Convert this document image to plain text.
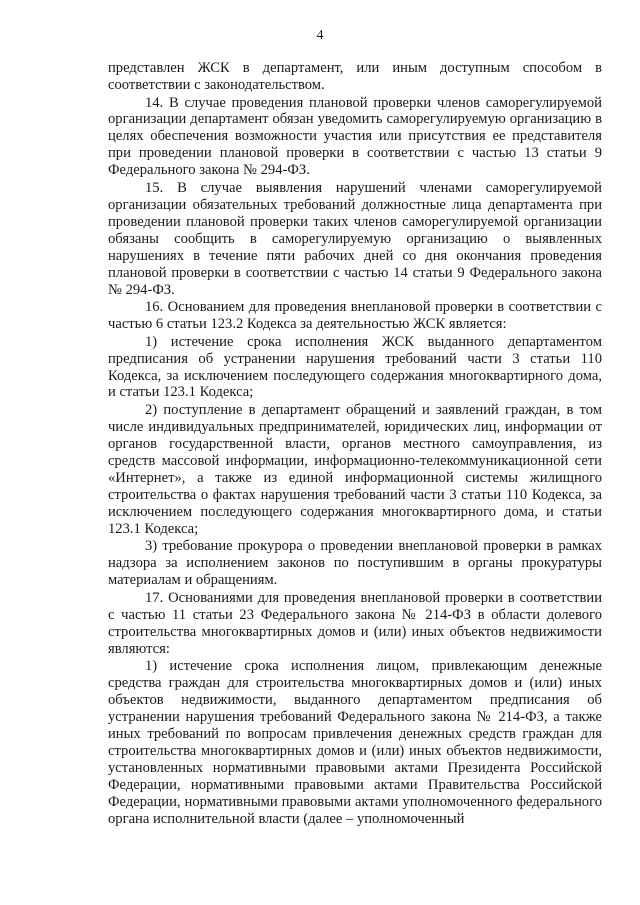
4

представлен ЖСК в департамент, или иным доступным способом в соответствии с законодательством.

14. В случае проведения плановой проверки членов саморегулируемой организации департамент обязан уведомить саморегулируемую организацию в целях обеспечения возможности участия или присутствия ее представителя при проведении плановой проверки в соответствии с частью 13 статьи 9 Федерального закона № 294-ФЗ.

15. В случае выявления нарушений членами саморегулируемой организации обязательных требований должностные лица департамента при проведении плановой проверки таких членов саморегулируемой организации обязаны сообщить в саморегулируемую организацию о выявленных нарушениях в течение пяти рабочих дней со дня окончания проведения плановой проверки в соответствии с частью 14 статьи 9 Федерального закона № 294-ФЗ.

16. Основанием для проведения внеплановой проверки в соответствии с частью 6 статьи 123.2 Кодекса за деятельностью ЖСК является:

1) истечение срока исполнения ЖСК выданного департаментом предписания об устранении нарушения требований части 3 статьи 110 Кодекса, за исключением последующего содержания многоквартирного дома, и статьи 123.1 Кодекса;

2) поступление в департамент обращений и заявлений граждан, в том числе индивидуальных предпринимателей, юридических лиц, информации от органов государственной власти, органов местного самоуправления, из средств массовой информации, информационно-телекоммуникационной сети «Интернет», а также из единой информационной системы жилищного строительства о фактах нарушения требований части 3 статьи 110 Кодекса, за исключением последующего содержания многоквартирного дома, и статьи 123.1 Кодекса;

3) требование прокурора о проведении внеплановой проверки в рамках надзора за исполнением законов по поступившим в органы прокуратуры материалам и обращениям.

17. Основаниями для проведения внеплановой проверки в соответствии с частью 11 статьи 23 Федерального закона № 214-ФЗ в области долевого строительства многоквартирных домов и (или) иных объектов недвижимости являются:

1) истечение срока исполнения лицом, привлекающим денежные средства граждан для строительства многоквартирных домов и (или) иных объектов недвижимости, выданного департаментом предписания об устранении нарушения требований Федерального закона № 214-ФЗ, а также иных требований по вопросам привлечения денежных средств граждан для строительства многоквартирных домов и (или) иных объектов недвижимости, установленных нормативными правовыми актами Президента Российской Федерации, нормативными правовыми актами Правительства Российской Федерации, нормативными правовыми актами уполномоченного федерального органа исполнительной власти (далее – уполномоченный
